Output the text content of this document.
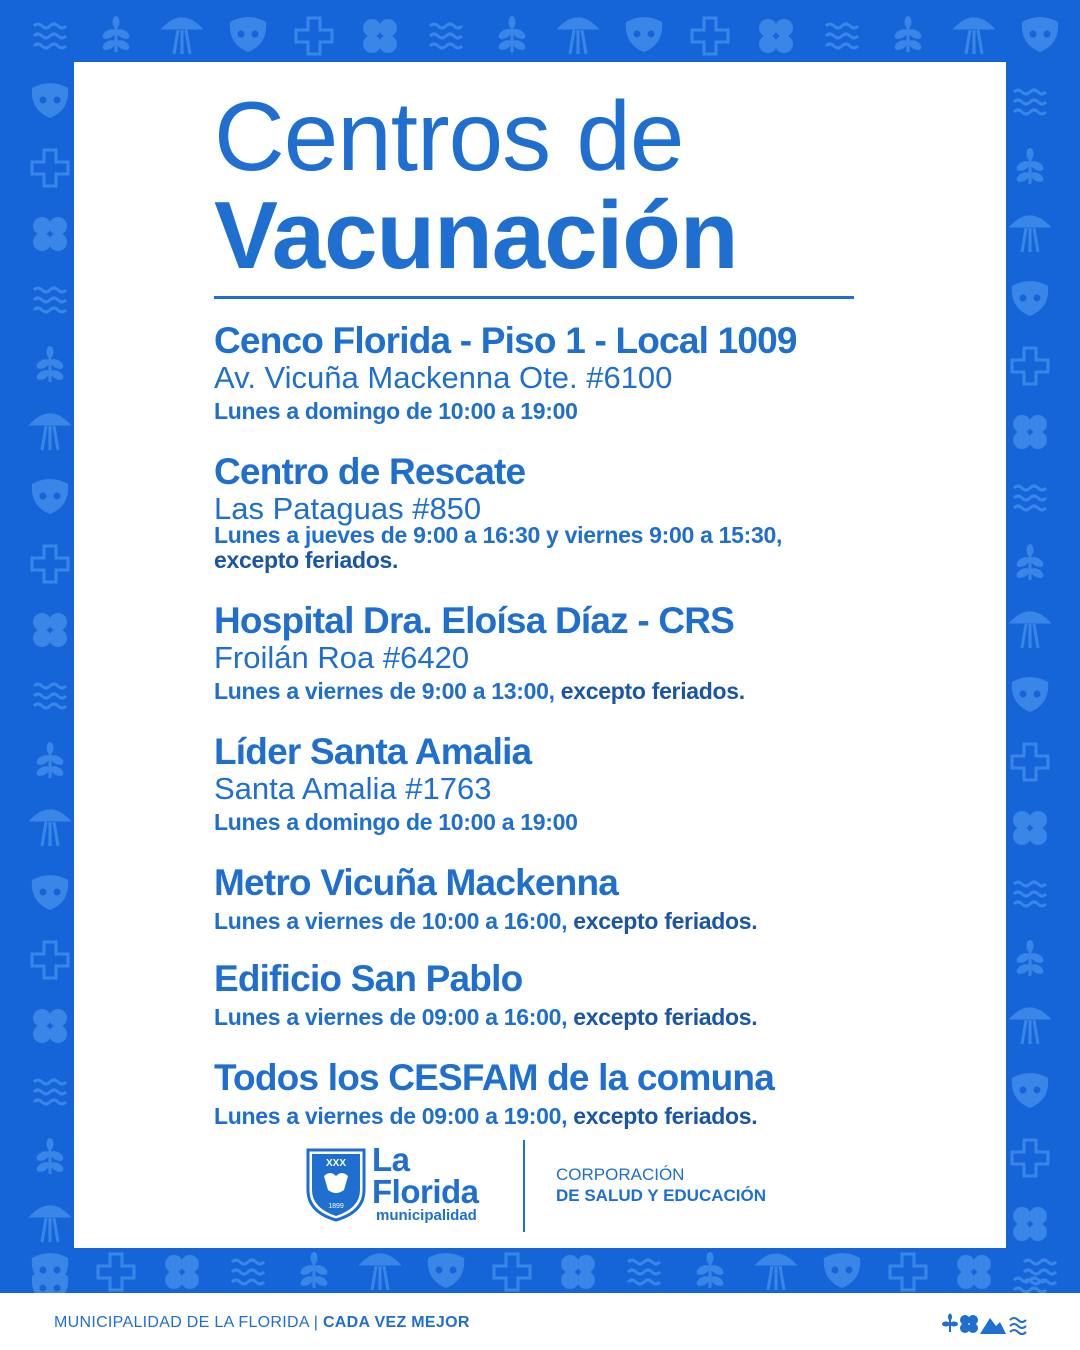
Centros de
Vacunación
Cenco Florida - Piso 1 - Local 1009
Av. Vicuña Mackenna Ote. #6100
Lunes a domingo de 10:00 a 19:00
Centro de Rescate
Las Pataguas #850
Lunes a jueves de 9:00 a 16:30 y viernes 9:00 a 15:30,
excepto feriados.
Hospital Dra. Eloísa Díaz - CRS
Froilán Roa #6420
Lunes a viernes de 9:00 a 13:00, excepto feriados.
Líder Santa Amalia
Santa Amalia #1763
Lunes a domingo de 10:00 a 19:00
Metro Vicuña Mackenna
Lunes a viernes de 10:00 a 16:00, excepto feriados.
Edificio San Pablo
Lunes a viernes de 09:00 a 16:00, excepto feriados.
Todos los CESFAM de la comuna
Lunes a viernes de 09:00 a 19:00, excepto feriados.
XXX
1899
La
Florida
municipalidad
CORPORACIÓN
DE SALUD Y EDUCACIÓN
MUNICIPALIDAD DE LA FLORIDA | CADA VEZ MEJOR
